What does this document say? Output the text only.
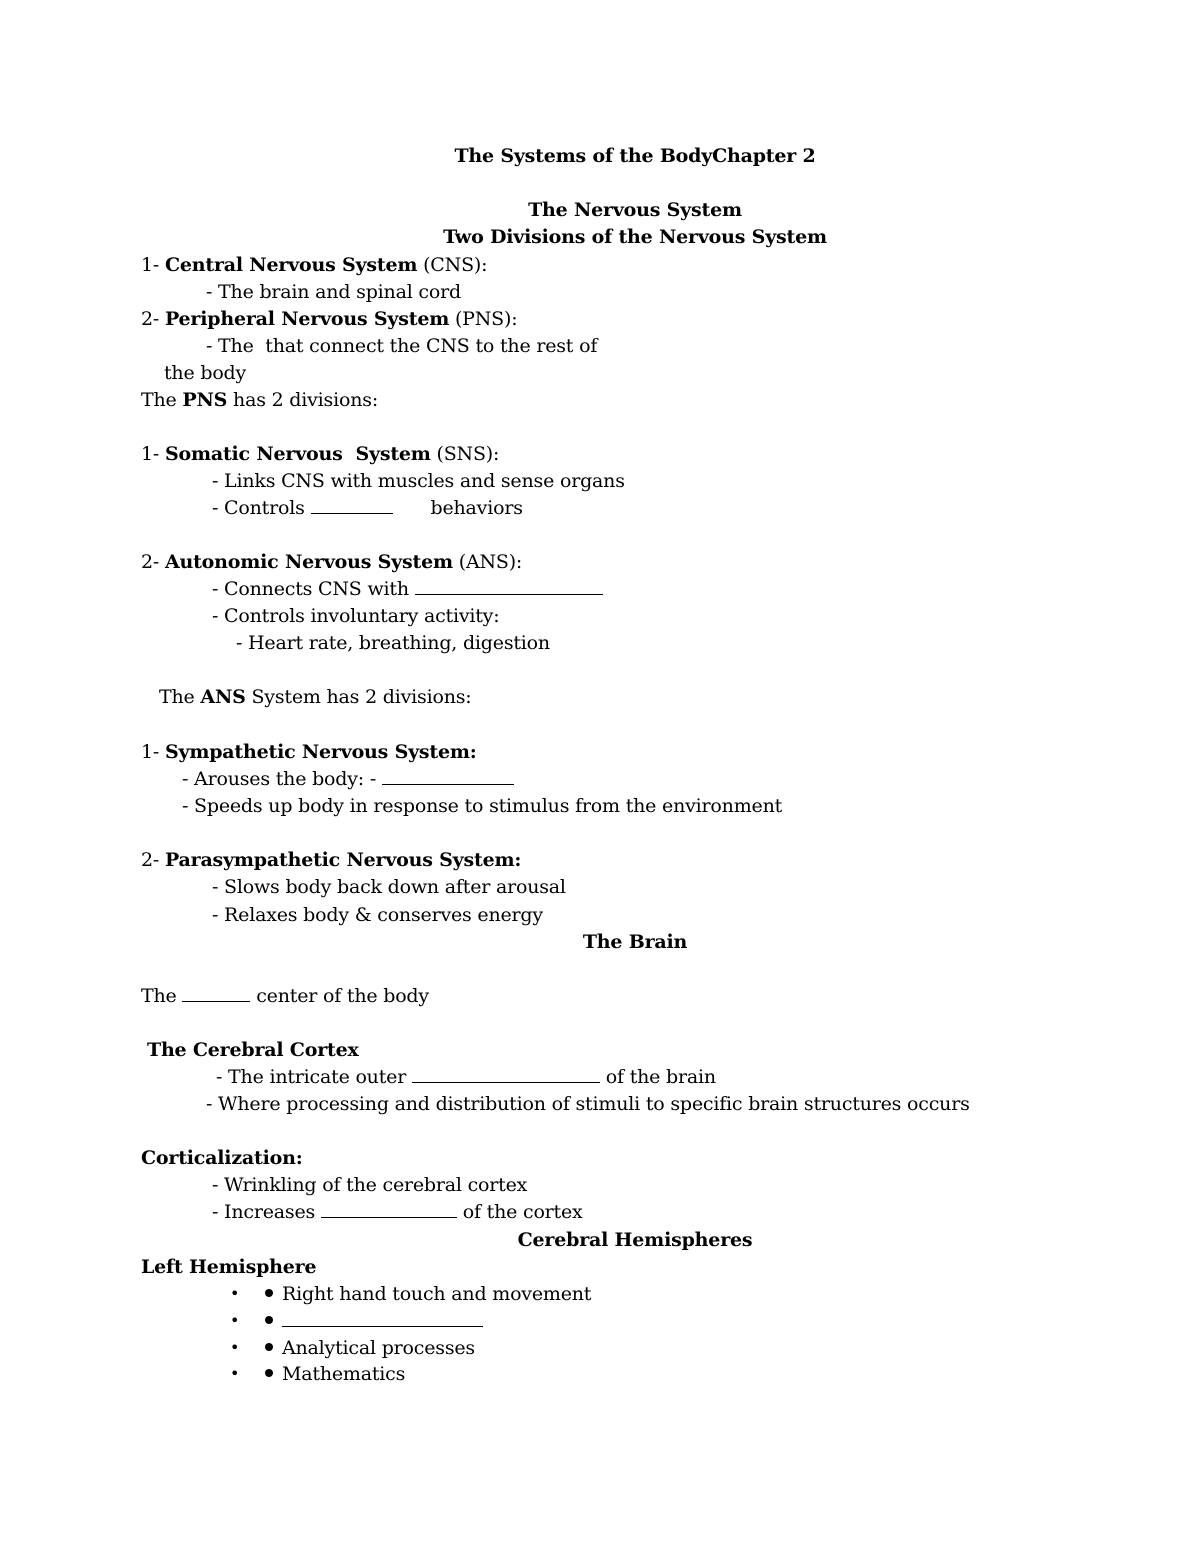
The Systems of the BodyChapter 2
The Nervous System
Two Divisions of the Nervous System
1- Central Nervous System (CNS):
- The brain and spinal cord
2- Peripheral Nervous System (PNS):
- The  that connect the CNS to the rest of
the body
The PNS has 2 divisions:
1- Somatic Nervous  System (SNS):
- Links CNS with muscles and sense organs
- Controls	behaviors
2- Autonomic Nervous System (ANS):
- Connects CNS with
- Controls involuntary activity:
- Heart rate, breathing, digestion
The ANS System has 2 divisions:
1- Sympathetic Nervous System:
- Arouses the body: -
- Speeds up body in response to stimulus from the environment
2- Parasympathetic Nervous System:
- Slows body back down after arousal
- Relaxes body & conserves energy
The Brain
The	center of the body
The Cerebral Cortex
- The intricate outer	of the brain
- Where processing and distribution of stimuli to specific brain structures occurs
Corticalization:
- Wrinkling of the cerebral cortex
- Increases	of the cortex
Cerebral Hemispheres
Left Hemisphere
•	Right hand touch and movement
•
•	Analytical processes
•	Mathematics
